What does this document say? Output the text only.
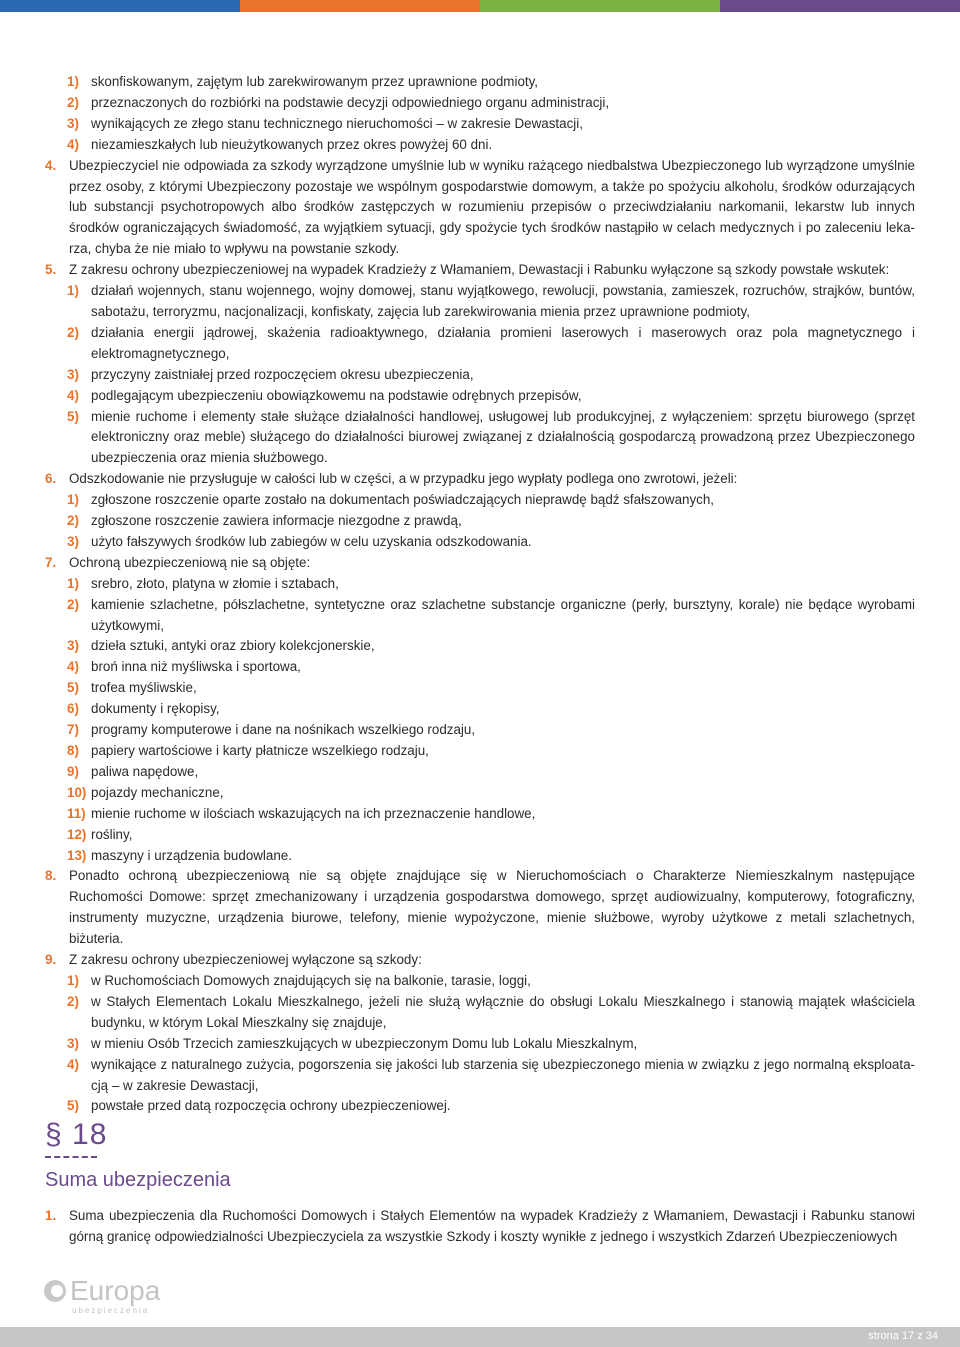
1) skonfiskowanym, zajętym lub zarekwirowanym przez uprawnione podmioty,
2) przeznaczonych do rozbiórki na podstawie decyzji odpowiedniego organu administracji,
3) wynikających ze złego stanu technicznego nieruchomości – w zakresie Dewastacji,
4) niezamieszkałych lub nieużytkowanych przez okres powyżej 60 dni.
4. Ubezpieczyciel nie odpowiada za szkody wyrządzone umyślnie lub w wyniku rażącego niedbalstwa Ubezpieczonego lub wyrządzone umyślnie przez osoby, z którymi Ubezpieczony pozostaje we wspólnym gospodarstwie domowym, a także po spożyciu alkoholu, środków odurzających lub substancji psychotropowych albo środków zastępczych w rozumieniu przepisów o przeciwdziałaniu narkomanii, lekarstw lub innych środków ograniczających świadomość, za wyjątkiem sytuacji, gdy spożycie tych środków nastąpiło w celach medycznych i po zaleceniu lekarza, chyba że nie miało to wpływu na powstanie szkody.
5. Z zakresu ochrony ubezpieczeniowej na wypadek Kradzieży z Włamaniem, Dewastacji i Rabunku wyłączone są szkody powstałe wskutek:
1) działań wojennych, stanu wojennego, wojny domowej, stanu wyjątkowego, rewolucji, powstania, zamieszek, rozruchów, strajków, buntów, sabotażu, terroryzmu, nacjonalizacji, konfiskaty, zajęcia lub zarekwirowania mienia przez uprawnione podmioty,
2) działania energii jądrowej, skażenia radioaktywnego, działania promieni laserowych i maserowych oraz pola magnetycznego i elektromagnetycznego,
3) przyczyny zaistniałej przed rozpoczęciem okresu ubezpieczenia,
4) podlegającym ubezpieczeniu obowiązkowemu na podstawie odrębnych przepisów,
5) mienie ruchome i elementy stałe służące działalności handlowej, usługowej lub produkcyjnej, z wyłączeniem: sprzętu biurowego (sprzęt elektroniczny oraz meble) służącego do działalności biurowej związanej z działalnością gospodarczą prowadzoną przez Ubezpieczonego ubezpieczenia oraz mienia służbowego.
6. Odszkodowanie nie przysługuje w całości lub w części, a w przypadku jego wypłaty podlega ono zwrotowi, jeżeli:
1) zgłoszone roszczenie oparte zostało na dokumentach poświadczających nieprawdę bądź sfałszowanych,
2) zgłoszone roszczenie zawiera informacje niezgodne z prawdą,
3) użyto fałszywych środków lub zabiegów w celu uzyskania odszkodowania.
7. Ochroną ubezpieczeniową nie są objęte:
1) srebro, złoto, platyna w złomie i sztabach,
2) kamienie szlachetne, półszlachetne, syntetyczne oraz szlachetne substancje organiczne (perły, bursztyny, korale) nie będące wyrobami użytkowymi,
3) dzieła sztuki, antyki oraz zbiory kolekcjonerskie,
4) broń inna niż myśliwska i sportowa,
5) trofea myśliwskie,
6) dokumenty i rękopisy,
7) programy komputerowe i dane na nośnikach wszelkiego rodzaju,
8) papiery wartościowe i karty płatnicze wszelkiego rodzaju,
9) paliwa napędowe,
10) pojazdy mechaniczne,
11) mienie ruchome w ilościach wskazujących na ich przeznaczenie handlowe,
12) rośliny,
13) maszyny i urządzenia budowlane.
8. Ponadto ochroną ubezpieczeniową nie są objęte znajdujące się w Nieruchomościach o Charakterze Niemieszkalnym następujące Ruchomości Domowe: sprzęt zmechanizowany i urządzenia gospodarstwa domowego, sprzęt audiowizualny, komputerowy, fotograficzny, instrumenty muzyczne, urządzenia biurowe, telefony, mienie wypożyczone, mienie służbowe, wyroby użytkowe z metali szlachetnych, biżuteria.
9. Z zakresu ochrony ubezpieczeniowej wyłączone są szkody:
1) w Ruchomościach Domowych znajdujących się na balkonie, tarasie, loggi,
2) w Stałych Elementach Lokalu Mieszkalnego, jeżeli nie służą wyłącznie do obsługi Lokalu Mieszkalnego i stanowią majątek właściciela budynku, w którym Lokal Mieszkalny się znajduje,
3) w mieniu Osób Trzecich zamieszkujących w ubezpieczonym Domu lub Lokalu Mieszkalnym,
4) wynikające z naturalnego zużycia, pogorszenia się jakości lub starzenia się ubezpieczonego mienia w związku z jego normalną eksploatacją – w zakresie Dewastacji,
5) powstałe przed datą rozpoczęcia ochrony ubezpieczeniowej.
§ 18
Suma ubezpieczenia
1. Suma ubezpieczenia dla Ruchomości Domowych i Stałych Elementów na wypadek Kradzieży z Włamaniem, Dewastacji i Rabunku stanowi górną granicę odpowiedzialności Ubezpieczyciela za wszystkie Szkody i koszty wynikłe z jednego i wszystkich Zdarzeń Ubezpieczeniowych
Europa
ubezpieczenia
strona 17 z 34
